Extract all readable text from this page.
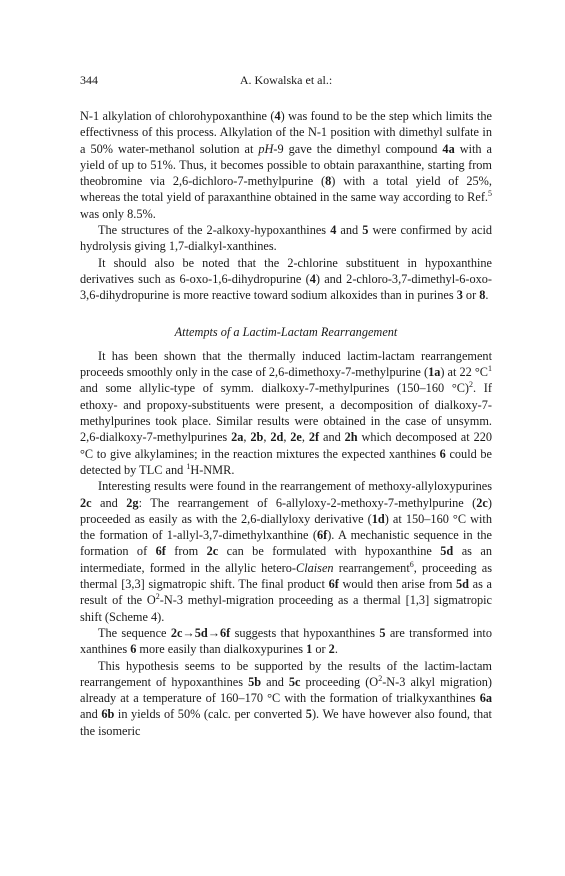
344	A. Kowalska et al.:

N-1 alkylation of chlorohypoxanthine (4) was found to be the step which limits the effectivness of this process. Alkylation of the N-1 position with dimethyl sulfate in a 50% water-methanol solution at pH-9 gave the dimethyl compound 4a with a yield of up to 51%. Thus, it becomes possible to obtain paraxanthine, starting from theobromine via 2,6-dichloro-7-methylpurine (8) with a total yield of 25%, whereas the total yield of paraxanthine obtained in the same way according to Ref.$^5$ was only 8.5%.

The structures of the 2-alkoxy-hypoxanthines 4 and 5 were confirmed by acid hydrolysis giving 1,7-dialkyl-xanthines.

It should also be noted that the 2-chlorine substituent in hypoxanthine derivatives such as 6-oxo-1,6-dihydropurine (4) and 2-chloro-3,7-dimethyl-6-oxo-3,6-dihydropurine is more reactive toward sodium alkoxides than in purines 3 or 8.

Attempts of a Lactim-Lactam Rearrangement

It has been shown that the thermally induced lactim-lactam rearrangement proceeds smoothly only in the case of 2,6-dimethoxy-7-methylpurine (1a) at 22 $^\circ C^1$ and some allylic-type of symm. dialkoxy-7-methylpurines (150–160 °C)$^2$. If ethoxy- and propoxy-substituents were present, a decomposition of dialkoxy-7-methylpurines took place. Similar results were obtained in the case of unsymm. 2,6-dialkoxy-7-methylpurines 2a, 2b, 2d, 2e, 2f and 2h which decomposed at 220 °C to give alkylamines; in the reaction mixtures the expected xanthines 6 could be detected by TLC and $^1$H-NMR.

Interesting results were found in the rearrangement of methoxy-allyloxypurines 2c and 2g: The rearrangement of 6-allyloxy-2-methoxy-7-methylpurine (2c) proceeded as easily as with the 2,6-diallyloxy derivative (1d) at 150–160 °C with the formation of 1-allyl-3,7-dimethylxanthine (6f). A mechanistic sequence in the formation of 6f from 2c can be formulated with hypoxanthine 5d as an intermediate, formed in the allylic hetero-Claisen rearrangement$^6$, proceeding as thermal [3,3] sigmatropic shift. The final product 6f would then arise from 5d as a result of the $O^2-N-3$ methyl-migration proceeding as a thermal [1,3] sigmatropic shift (Scheme 4).

The sequence 2c→5d→6f suggests that hypoxanthines 5 are transformed into xanthines 6 more easily than dialkoxypurines 1 or 2.

This hypothesis seems to be supported by the results of the lactim-lactam rearrangement of hypoxanthines 5b and 5c proceeding ($O^2-N-3$ alkyl migration) already at a temperature of 160–170 °C with the formation of trialkyxanthines 6a and 6b in yields of 50% (calc. per converted 5). We have however also found, that the isomeric
